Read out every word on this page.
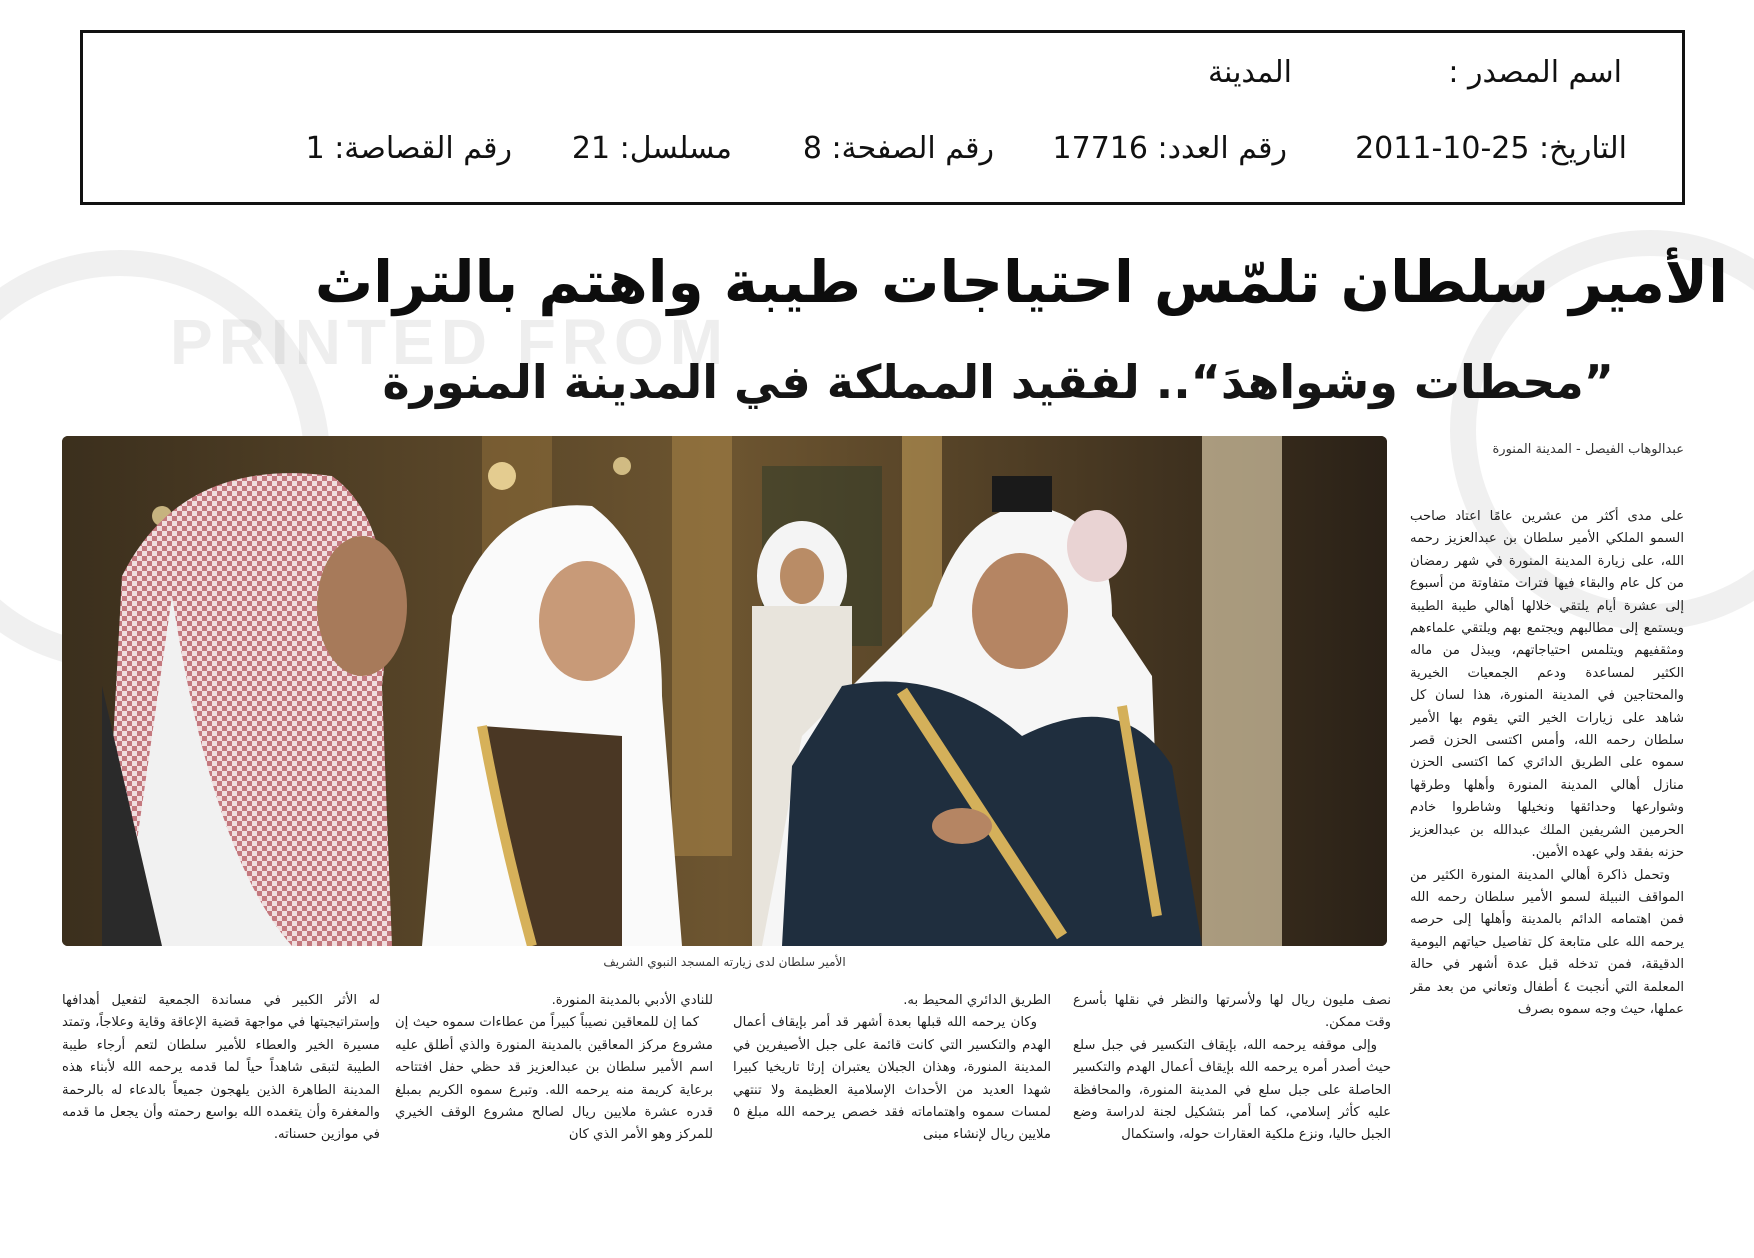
اسم المصدر :
المدينة
التاريخ: 25-10-2011
رقم العدد: 17716
رقم الصفحة: 8
مسلسل: 21
رقم القصاصة: 1
PRINTED FROM
الأمير سلطان تلمّس احتياجات طيبة واهتم بالتراث
”محطات وشواهدَ“.. لفقيد المملكة في المدينة المنورة
عبدالوهاب الفيصل - المدينة المنورة

على مدى أكثر من عشرين عامًا اعتاد صاحب السمو الملكي الأمير سلطان بن عبدالعزيز رحمه الله، على زيارة المدينة المنورة في شهر رمضان من كل عام والبقاء فيها فترات متفاوتة من أسبوع إلى عشرة أيام يلتقي خلالها أهالي طيبة الطيبة ويستمع إلى مطالبهم ويجتمع بهم ويلتقي علماءهم ومثقفيهم ويتلمس احتياجاتهم، ويبذل من ماله الكثير لمساعدة ودعم الجمعيات الخيرية والمحتاجين في المدينة المنورة، هذا لسان كل شاهد على زيارات الخير التي يقوم بها الأمير سلطان رحمه الله، وأمس اكتسى الحزن قصر سموه على الطريق الدائري كما اكتسى الحزن منازل أهالي المدينة المنورة وأهلها وطرقها وشوارعها وحدائقها ونخيلها وشاطروا خادم الحرمين الشريفين الملك عبدالله بن عبدالعزيز حزنه بفقد ولي عهده الأمين.

وتحمل ذاكرة أهالي المدينة المنورة الكثير من المواقف النبيلة لسمو الأمير سلطان رحمه الله فمن اهتمامه الدائم بالمدينة وأهلها إلى حرصه يرحمه الله على متابعة كل تفاصيل حياتهم اليومية الدقيقة، فمن تدخله قبل عدة أشهر في حالة المعلمة التي أنجبت ٤ أطفال وتعاني من بعد مقر عملها، حيث وجه سموه بصرف

الأمير سلطان لدى زيارته المسجد النبوي الشريف

نصف مليون ريال لها ولأسرتها والنظر في نقلها بأسرع وقت ممكن.

وإلى موقفه يرحمه الله، بإيقاف التكسير في جبل سلع حيث أصدر أمره يرحمه الله بإيقاف أعمال الهدم والتكسير الحاصلة على جبل سلع في المدينة المنورة، والمحافظة عليه كأثر إسلامي، كما أمر بتشكيل لجنة لدراسة وضع الجبل حاليا، ونزع ملكية العقارات حوله، واستكمال

الطريق الدائري المحيط به.

وكان يرحمه الله قبلها بعدة أشهر قد أمر بإيقاف أعمال الهدم والتكسير التي كانت قائمة على جبل الأصيفرين في المدينة المنورة، وهذان الجبلان يعتبران إرثا تاريخيا كبيرا شهدا العديد من الأحداث الإسلامية العظيمة ولا تنتهي لمسات سموه واهتماماته فقد خصص يرحمه الله مبلغ ٥ ملايين ريال لإنشاء مبنى

للنادي الأدبي بالمدينة المنورة.

كما إن للمعاقين نصيباً كبيراً من عطاءات سموه حيث إن مشروع مركز المعاقين بالمدينة المنورة والذي أطلق عليه اسم الأمير سلطان بن عبدالعزيز قد حظي حفل افتتاحه برعاية كريمة منه يرحمه الله. وتبرع سموه الكريم بمبلغ قدره عشرة ملايين ريال لصالح مشروع الوقف الخيري للمركز وهو الأمر الذي كان

له الأثر الكبير في مساندة الجمعية لتفعيل أهدافها وإستراتيجيتها في مواجهة قضية الإعاقة وقاية وعلاجاً، وتمتد مسيرة الخير والعطاء للأمير سلطان لتعم أرجاء طيبة الطيبة لتبقى شاهداً حياً لما قدمه يرحمه الله لأبناء هذه المدينة الطاهرة الذين يلهجون جميعاً بالدعاء له بالرحمة والمغفرة وأن يتغمده الله بواسع رحمته وأن يجعل ما قدمه في موازين حسناته.
